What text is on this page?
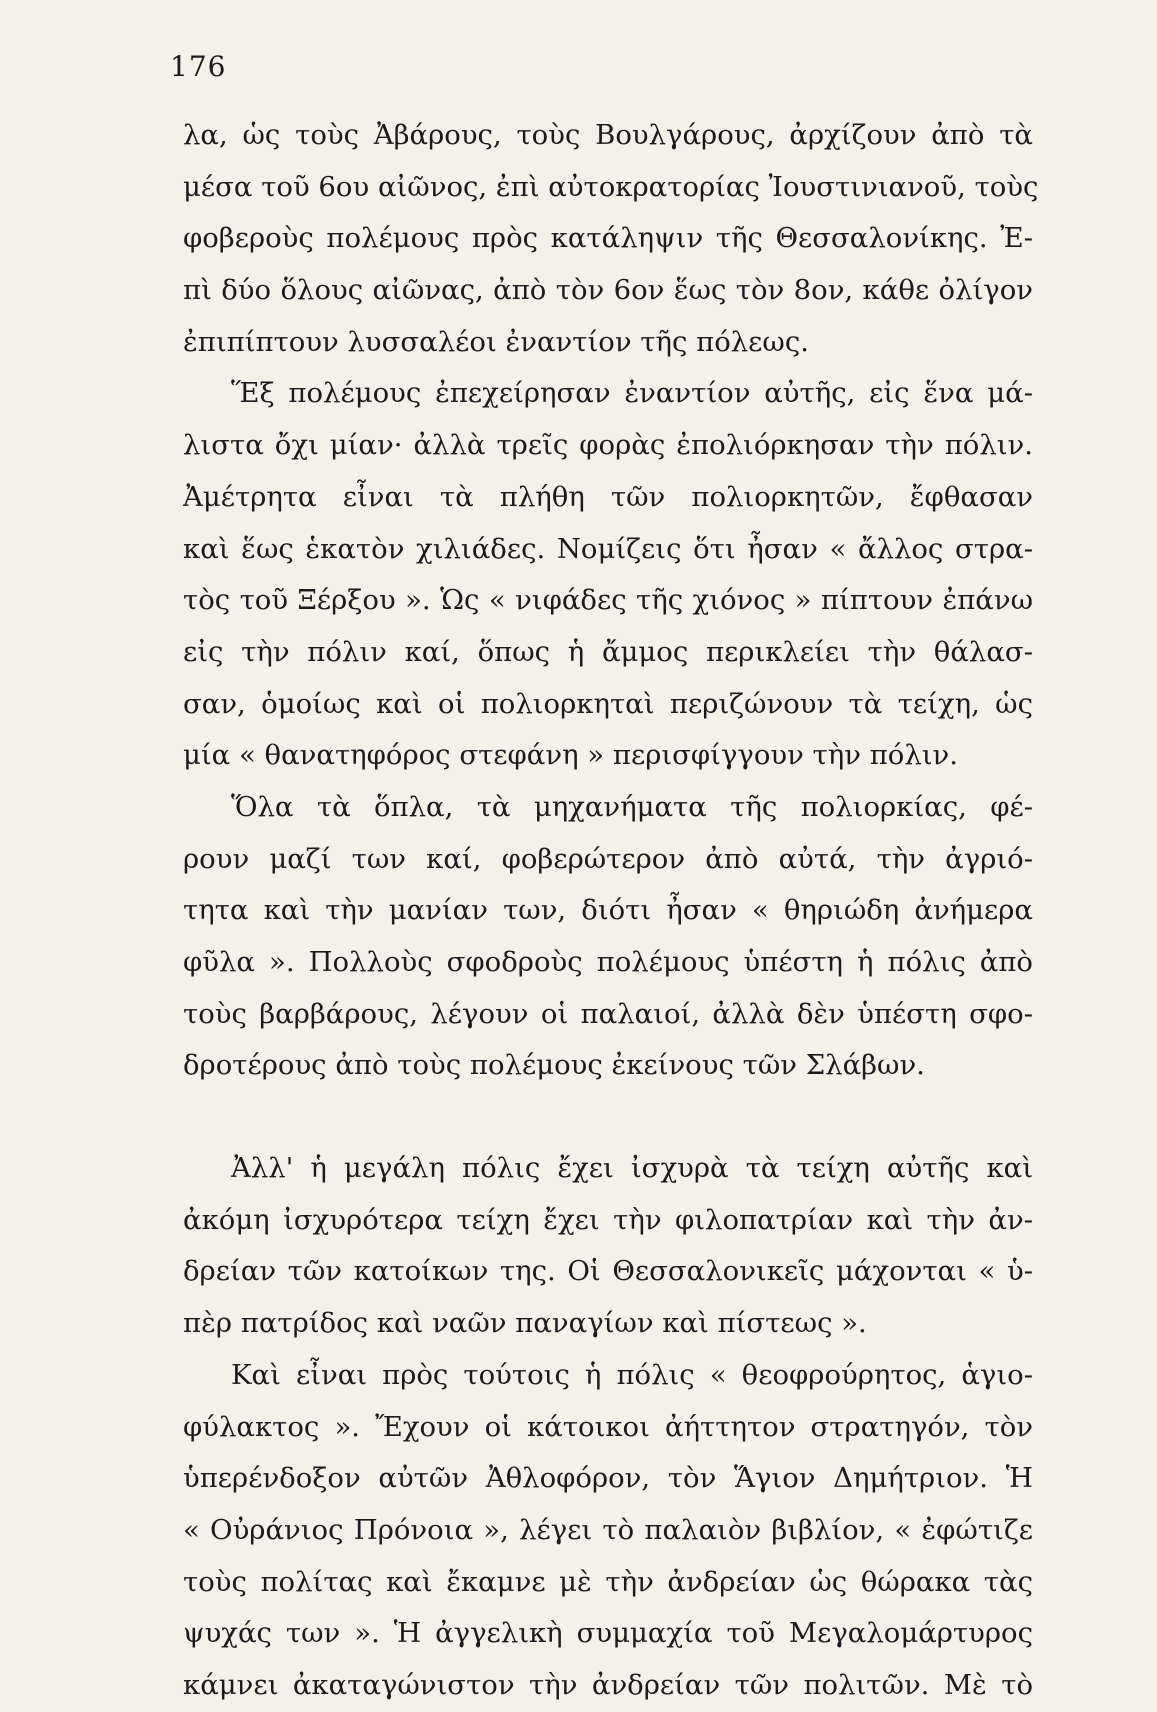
176
λα, ὡς τοὺς Ἀβάρους, τοὺς Βουλγάρους, ἀρχίζουν ἀπὸ τὰ
μέσα τοῦ 6ου αἰῶνος, ἐπὶ αὐτοκρατορίας Ἰουστινιανοῦ, τοὺς
φοβεροὺς πολέμους πρὸς κατάληψιν τῆς Θεσσαλονίκης. Ἐ-
πὶ δύο ὅλους αἰῶνας, ἀπὸ τὸν 6ον ἕως τὸν 8ον, κάθε ὀλίγον
ἐπιπίπτουν λυσσαλέοι ἐναντίον τῆς πόλεως.
Ἕξ πολέμους ἐπεχείρησαν ἐναντίον αὐτῆς, εἰς ἕνα μά-
λιστα ὄχι μίαν· ἀλλὰ τρεῖς φορὰς ἐπολιόρκησαν τὴν πόλιν.
Ἀμέτρητα εἶναι τὰ πλήθη τῶν πολιορκητῶν, ἔφθασαν
καὶ ἕως ἑκατὸν χιλιάδες. Νομίζεις ὅτι ἦσαν « ἄλλος στρα-
τὸς τοῦ Ξέρξου ». Ὡς « νιφάδες τῆς χιόνος » πίπτουν ἐπάνω
εἰς τὴν πόλιν καί, ὅπως ἡ ἄμμος περικλείει τὴν θάλασ-
σαν, ὁμοίως καὶ οἱ πολιορκηταὶ περιζώνουν τὰ τείχη, ὡς
μία « θανατηφόρος στεφάνη » περισφίγγουν τὴν πόλιν.
Ὅλα τὰ ὅπλα, τὰ μηχανήματα τῆς πολιορκίας, φέ-
ρουν μαζί των καί, φοβερώτερον ἀπὸ αὐτά, τὴν ἀγριό-
τητα καὶ τὴν μανίαν των, διότι ἦσαν « θηριώδη ἀνήμερα
φῦλα ». Πολλοὺς σφοδροὺς πολέμους ὑπέστη ἡ πόλις ἀπὸ
τοὺς βαρβάρους, λέγουν οἱ παλαιοί, ἀλλὰ δὲν ὑπέστη σφο-
δροτέρους ἀπὸ τοὺς πολέμους ἐκείνους τῶν Σλάβων.
Ἀλλ' ἡ μεγάλη πόλις ἔχει ἰσχυρὰ τὰ τείχη αὐτῆς καὶ
ἀκόμη ἰσχυρότερα τείχη ἔχει τὴν φιλοπατρίαν καὶ τὴν ἀν-
δρείαν τῶν κατοίκων της. Οἱ Θεσσαλονικεῖς μάχονται « ὑ-
πὲρ πατρίδος καὶ ναῶν παναγίων καὶ πίστεως ».
Καὶ εἶναι πρὸς τούτοις ἡ πόλις « θεοφρούρητος, ἁγιο-
φύλακτος ». Ἔχουν οἱ κάτοικοι ἀήττητον στρατηγόν, τὸν
ὑπερένδοξον αὐτῶν Ἀθλοφόρον, τὸν Ἅγιον Δημήτριον. Ἡ
« Οὐράνιος Πρόνοια », λέγει τὸ παλαιὸν βιβλίον, « ἐφώτιζε
τοὺς πολίτας καὶ ἔκαμνε μὲ τὴν ἀνδρείαν ὡς θώρακα τὰς
ψυχάς των ». Ἡ ἀγγελικὴ συμμαχία τοῦ Μεγαλομάρτυρος
κάμνει ἀκαταγώνιστον τὴν ἀνδρείαν τῶν πολιτῶν. Μὲ τὸ
